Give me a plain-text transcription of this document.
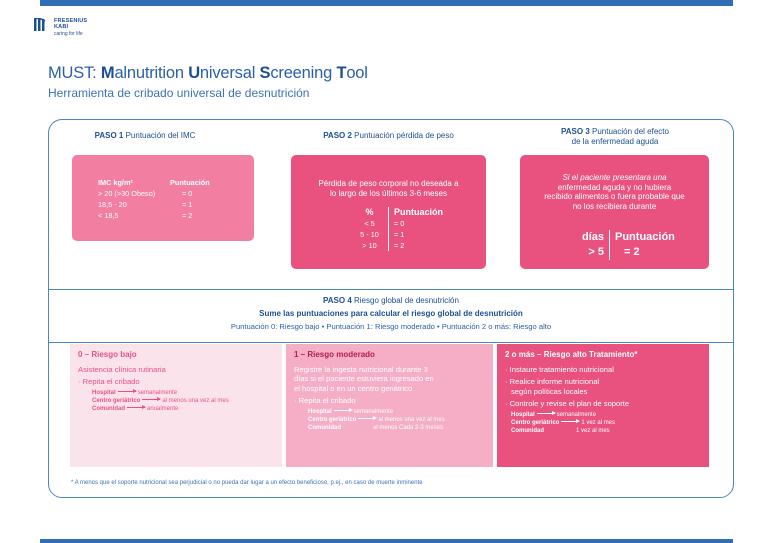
FRESENIUS
KABI
caring for life
MUST: Malnutrition Universal Screening Tool
Herramienta de cribado universal de desnutrición
PASO 1 Puntuación del IMC
IMC kg/m²	Puntuación
> 20 (>30 Obeso)	= 0
18,5 - 20	= 1
< 18,5	= 2
PASO 2 Puntuación pérdida de peso
Pérdida de peso corporal no deseada a
lo largo de los últimos 3-6 meses
%	Puntuación
< 5	= 0
5 - 10	= 1
> 10	= 2
PASO 3 Puntuación del efecto
de la enfermedad aguda
Si el paciente presentara una
enfermedad aguda y no hubiera
recibido alimentos o fuera probable que
no los recibiera durante
días	Puntuación
> 5	= 2
PASO 4 Riesgo global de desnutrición
Sume las puntuaciones para calcular el riesgo global de desnutrición
Puntuación 0: Riesgo bajo • Puntuación 1: Riesgo moderado • Puntuación 2 o más: Riesgo alto
0 – Riesgo bajo
Asistencia clínica rutinaria
· Repita el cribado
Hospital	semanalmente
Centro geriátrico	al menos una vez al mes
Comunidad	anualmente
1 – Riesgo moderado
Registre la ingesta nutricional durante 3
días si el paciente estuviera ingresado en
el hospital o en un centro geriátrico
· Repita el cribado
Hospital	semanalmente
Centro geriátrico	al menos una vez al mes
Comunidad	al menos Cada 2-3 meses
2 o más – Riesgo alto Tratamiento*
· Instaure tratamiento nutricional
· Realice informe nutricional
según políticas locales
· Controle y revise el plan de soporte
Hospital	semanalmente
Centro geriátrico	1 vez al mes
Comunidad	1 vez al mes
* A menos que el soporte nutricional sea perjudicial o no pueda dar lugar a un efecto beneficioso, p.ej., en caso de muerte inminente
